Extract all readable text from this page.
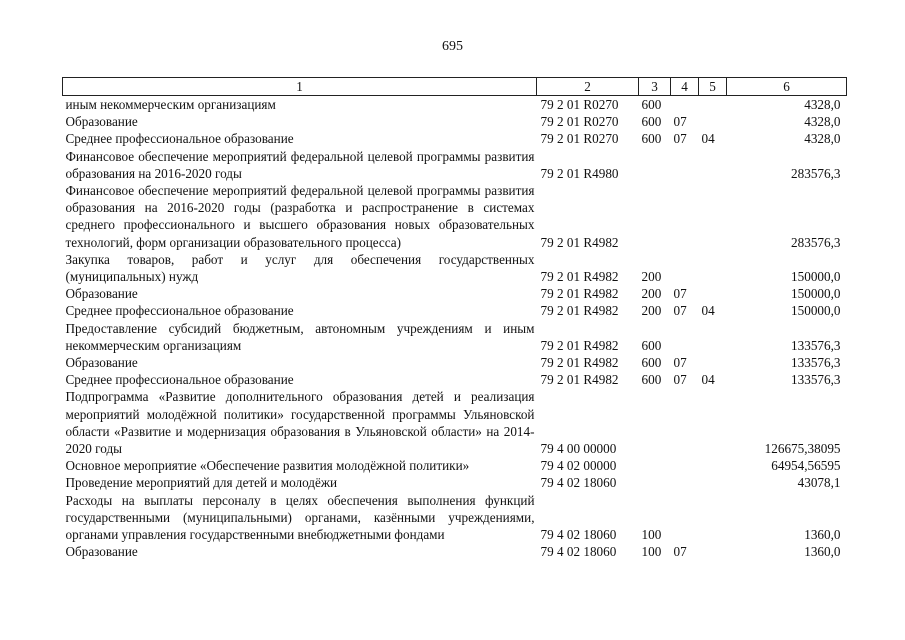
695
1	2	3	4	5	6
иным некоммерческим организациям	79 2 01 R0270	600			4328,0
Образование	79 2 01 R0270	600	07		4328,0
Среднее профессиональное образование	79 2 01 R0270	600	07	04	4328,0
Финансовое обеспечение мероприятий федеральной целевой программы развития образования на 2016-2020 годы	79 2 01 R4980				283576,3
Финансовое обеспечение мероприятий федеральной целевой программы развития образования на 2016-2020 годы (разработка и распространение в системах среднего профессионального и высшего образования новых образовательных технологий, форм организации образовательного процесса)	79 2 01 R4982				283576,3
Закупка товаров, работ и услуг для обеспечения государственных (муниципальных) нужд	79 2 01 R4982	200			150000,0
Образование	79 2 01 R4982	200	07		150000,0
Среднее профессиональное образование	79 2 01 R4982	200	07	04	150000,0
Предоставление субсидий бюджетным, автономным учреждениям и иным некоммерческим организациям	79 2 01 R4982	600			133576,3
Образование	79 2 01 R4982	600	07		133576,3
Среднее профессиональное образование	79 2 01 R4982	600	07	04	133576,3
Подпрограмма «Развитие дополнительного образования детей и реализация мероприятий молодёжной политики» государственной программы Ульяновской области «Развитие и модернизация образования в Ульяновской области» на 2014-2020 годы	79 4 00 00000				126675,38095
Основное мероприятие «Обеспечение развития молодёжной политики»	79 4 02 00000				64954,56595
Проведение мероприятий для детей и молодёжи	79 4 02 18060				43078,1
Расходы на выплаты персоналу в целях обеспечения выполнения функций государственными (муниципальными) органами, казёнными учреждениями, органами управления государственными внебюджетными фондами	79 4 02 18060	100			1360,0
Образование	79 4 02 18060	100	07		1360,0
